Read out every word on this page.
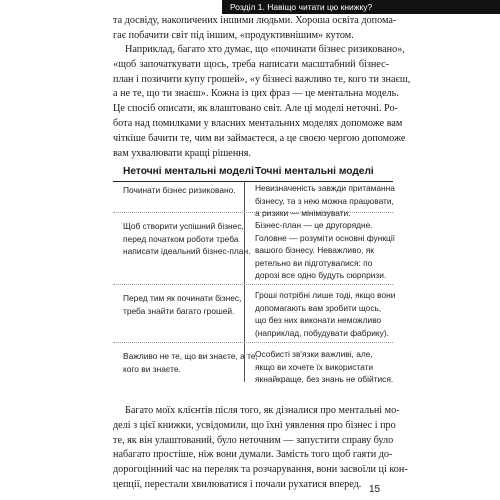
Розділ 1. Навіщо читати цю книжку?
та досвіду, накопичених іншими людьми. Хороша освіта допома-
гає побачити світ під іншим, «продуктивнішим» кутом.
Наприклад, багато хто думає, що «починати бізнес ризиковано»,
«щоб започаткувати щось, треба написати масштабний бізнес-
план і позичити купу грошей», «у бізнесі важливо те, кого ти знаєш,
а не те, що ти знаєш». Кожна із цих фраз — це ментальна модель.
Це спосіб описати, як влаштовано світ. Але ці моделі неточні. Ро-
бота над помилками у власних ментальних моделях допоможе вам
чіткіше бачити те, чим ви займаєтеся, а це своєю чергою допоможе
вам ухвалювати кращі рішення.
Неточні ментальні моделі Точні ментальні моделі
Починати бізнес ризиковано.	Невизначеність завжди притаманна
бізнесу, та з нею можна працювати,
а ризики — мінімізувати.
Щоб створити успішний бізнес,
перед початком роботи треба
написати ідеальний бізнес-план.
Бізнес-план — це другорядне.
Головне — розуміти основні функції
вашого бізнесу. Неважливо, як
ретельно ви підготувалися: по
дорозі все одно будуть сюрпризи.
Перед тим як починати бізнес,
треба знайти багато грошей.
Гроші потрібні лише тоді, якщо вони
допомагають вам зробити щось,
що без них виконати неможливо
(наприклад, побудувати фабрику).
Важливо не те, що ви знаєте, а те,
кого ви знаєте.
Особисті зв'язки важливі, але,
якщо ви хочете їх використати
якнайкраще, без знань не обійтися.
Багато моїх клієнтів після того, як дізналися про ментальні мо-
делі з цієї книжки, усвідомили, що їхні уявлення про бізнес і про
те, як він улаштований, було неточним — запустити справу було
набагато простіше, ніж вони думали. Замість того щоб гаяти до-
дорогоцінний час на переляк та розчарування, вони засвоїли ці кон-
цепції, перестали хвилюватися і почали рухатися вперед. 15
